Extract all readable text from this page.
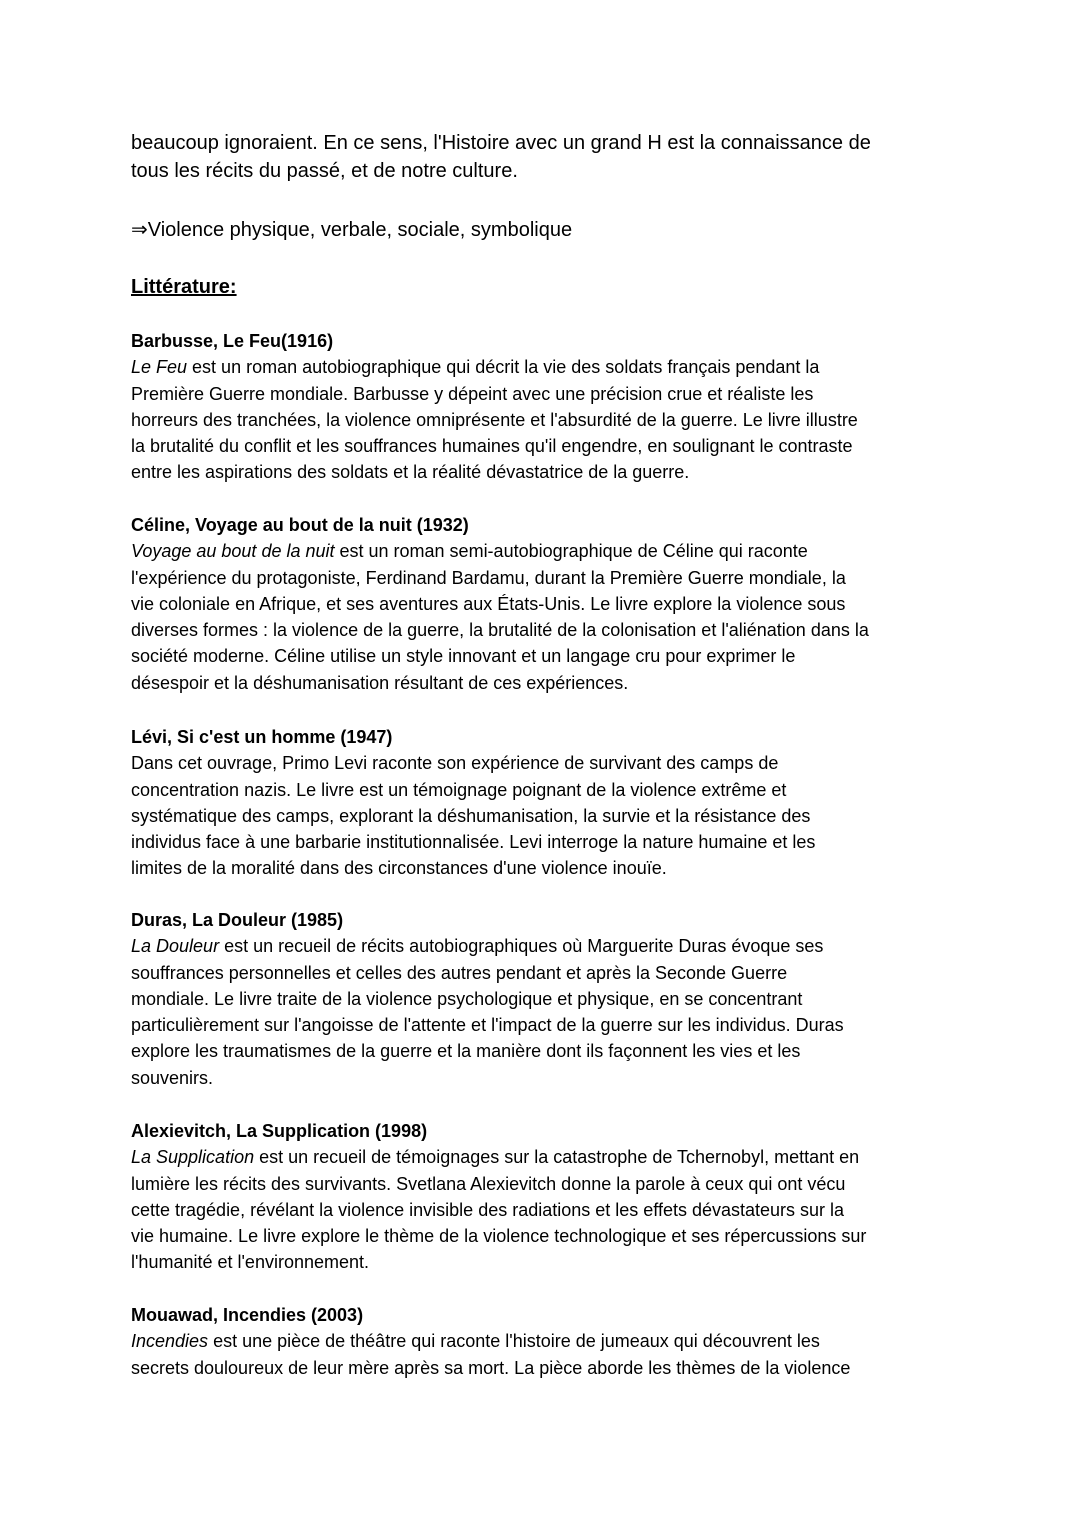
beaucoup ignoraient. En ce sens, l'Histoire avec un grand H est la connaissance de
tous les récits du passé, et de notre culture.
⇒Violence physique, verbale, sociale, symbolique
Littérature:
Barbusse, Le Feu(1916)
Le Feu est un roman autobiographique qui décrit la vie des soldats français pendant la
Première Guerre mondiale. Barbusse y dépeint avec une précision crue et réaliste les
horreurs des tranchées, la violence omniprésente et l'absurdité de la guerre. Le livre illustre
la brutalité du conflit et les souffrances humaines qu'il engendre, en soulignant le contraste
entre les aspirations des soldats et la réalité dévastatrice de la guerre.
Céline, Voyage au bout de la nuit (1932)
Voyage au bout de la nuit est un roman semi-autobiographique de Céline qui raconte
l'expérience du protagoniste, Ferdinand Bardamu, durant la Première Guerre mondiale, la
vie coloniale en Afrique, et ses aventures aux États-Unis. Le livre explore la violence sous
diverses formes : la violence de la guerre, la brutalité de la colonisation et l'aliénation dans la
société moderne. Céline utilise un style innovant et un langage cru pour exprimer le
désespoir et la déshumanisation résultant de ces expériences.
Lévi, Si c'est un homme (1947)
Dans cet ouvrage, Primo Levi raconte son expérience de survivant des camps de
concentration nazis. Le livre est un témoignage poignant de la violence extrême et
systématique des camps, explorant la déshumanisation, la survie et la résistance des
individus face à une barbarie institutionnalisée. Levi interroge la nature humaine et les
limites de la moralité dans des circonstances d'une violence inouïe.
Duras, La Douleur (1985)
La Douleur est un recueil de récits autobiographiques où Marguerite Duras évoque ses
souffrances personnelles et celles des autres pendant et après la Seconde Guerre
mondiale. Le livre traite de la violence psychologique et physique, en se concentrant
particulièrement sur l'angoisse de l'attente et l'impact de la guerre sur les individus. Duras
explore les traumatismes de la guerre et la manière dont ils façonnent les vies et les
souvenirs.
Alexievitch, La Supplication (1998)
La Supplication est un recueil de témoignages sur la catastrophe de Tchernobyl, mettant en
lumière les récits des survivants. Svetlana Alexievitch donne la parole à ceux qui ont vécu
cette tragédie, révélant la violence invisible des radiations et les effets dévastateurs sur la
vie humaine. Le livre explore le thème de la violence technologique et ses répercussions sur
l'humanité et l'environnement.
Mouawad, Incendies (2003)
Incendies est une pièce de théâtre qui raconte l'histoire de jumeaux qui découvrent les
secrets douloureux de leur mère après sa mort. La pièce aborde les thèmes de la violence
